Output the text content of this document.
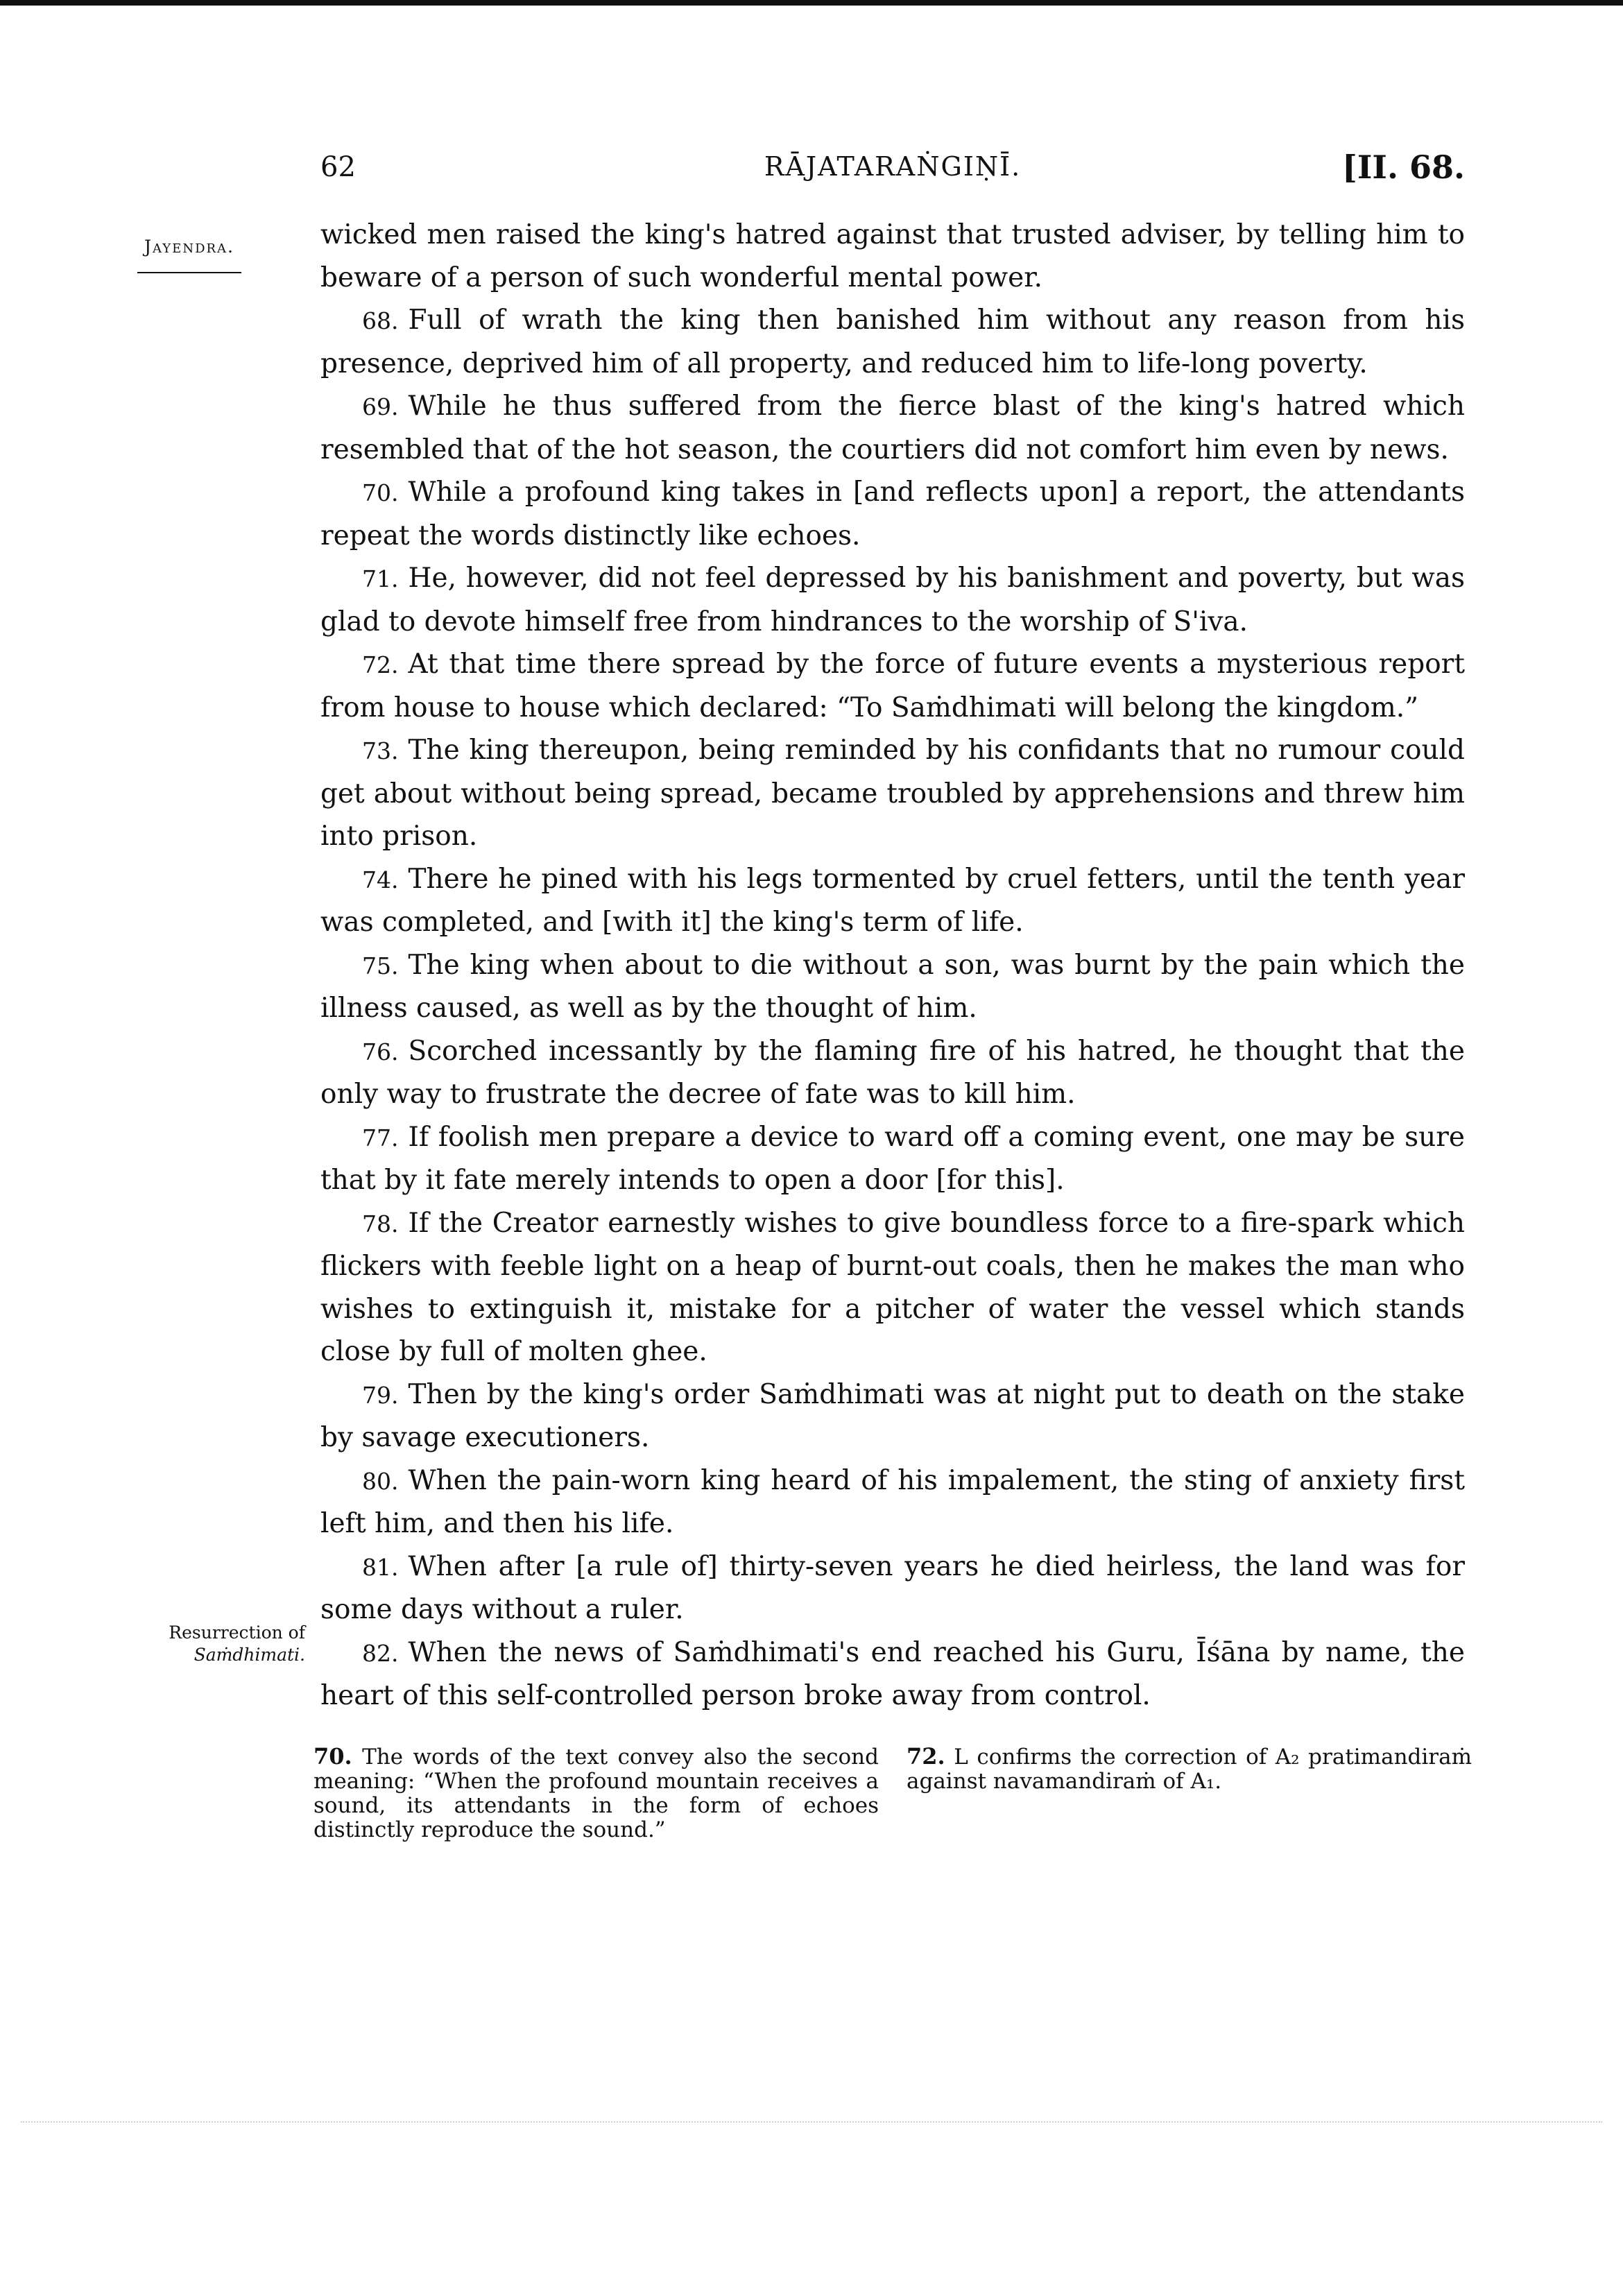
62	RĀJATARAṄGIṆĪ.	[II. 68.
Jayendra.
Resurrection of Saṁdhimati.

wicked men raised the king's hatred against that trusted adviser, by telling him to beware of a person of such wonderful mental power.

68. Full of wrath the king then banished him without any reason from his presence, deprived him of all property, and reduced him to life-long poverty.

69. While he thus suffered from the fierce blast of the king's hatred which resembled that of the hot season, the courtiers did not comfort him even by news.

70. While a profound king takes in [and reflects upon] a report, the attendants repeat the words distinctly like echoes.

71. He, however, did not feel depressed by his banishment and poverty, but was glad to devote himself free from hindrances to the worship of S'iva.

72. At that time there spread by the force of future events a mysterious report from house to house which declared: “To Saṁdhimati will belong the kingdom.”

73. The king thereupon, being reminded by his confidants that no rumour could get about without being spread, became troubled by apprehensions and threw him into prison.

74. There he pined with his legs tormented by cruel fetters, until the tenth year was completed, and [with it] the king's term of life.

75. The king when about to die without a son, was burnt by the pain which the illness caused, as well as by the thought of him.

76. Scorched incessantly by the flaming fire of his hatred, he thought that the only way to frustrate the decree of fate was to kill him.

77. If foolish men prepare a device to ward off a coming event, one may be sure that by it fate merely intends to open a door [for this].

78. If the Creator earnestly wishes to give boundless force to a fire-spark which flickers with feeble light on a heap of burnt-out coals, then he makes the man who wishes to extinguish it, mistake for a pitcher of water the vessel which stands close by full of molten ghee.

79. Then by the king's order Saṁdhimati was at night put to death on the stake by savage executioners.

80. When the pain-worn king heard of his impalement, the sting of anxiety first left him, and then his life.

81. When after [a rule of] thirty-seven years he died heirless, the land was for some days without a ruler.

82. When the news of Saṁdhimati's end reached his Guru, Īśāna by name, the heart of this self-controlled person broke away from control.

70. The words of the text convey also the second meaning: “When the profound mountain receives a sound, its attendants in the form of echoes distinctly reproduce the sound.”
72. L confirms the correction of A₂ pratimandiraṁ against navamandiraṁ of A₁.
